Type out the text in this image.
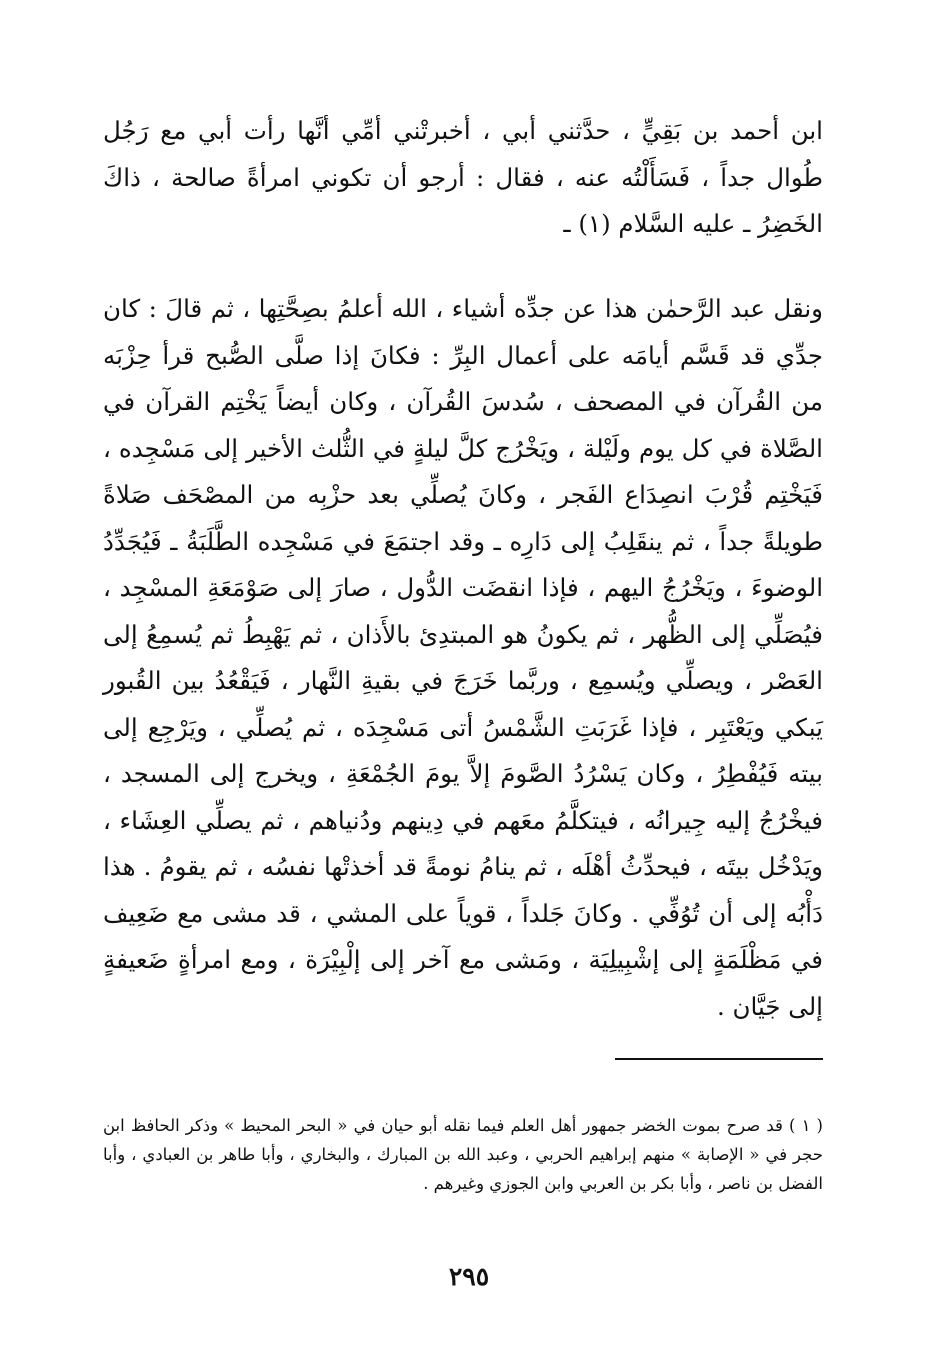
ابن أحمد بن بَقِيٍّ ، حدَّثني أبي ، أخبرتْني أمِّي أنَّها رأت أبي مع رَجُل طُوال جداً ، فَسَأَلْتُه عنه ، فقال : أرجو أن تكوني امرأةً صالحة ، ذاكَ الخَضِرُ ـ عليه السَّلام (١) ـ

ونقل عبد الرَّحمٰن هذا عن جدِّه أشياء ، الله أعلمُ بصِحَّتِها ، ثم قالَ : كان جدِّي قد قَسَّم أيامَه على أعمال البِرِّ : فكانَ إذا صلَّى الصُّبح قرأ حِزْبَه من القُرآن في المصحف ، سُدسَ القُرآن ، وكان أيضاً يَخْتِم القرآن في الصَّلاة في كل يوم ولَيْلة ، ويَخْرُج كلَّ ليلةٍ في الثُّلث الأخير إلى مَسْجِده ، فَيَخْتِم قُرْبَ انصِدَاع الفَجر ، وكانَ يُصلِّي بعد حزْبِه من المصْحَف صَلاةً طويلةً جداً ، ثم ينقَلِبُ إلى دَارِه ـ وقد اجتمَعَ في مَسْجِده الطَّلَبَةُ ـ فَيُجَدِّدُ الوضوءَ ، ويَخْرُجُ اليهم ، فإذا انقضَت الدُّول ، صارَ إلى صَوْمَعَةِ المسْجِد ، فيُصَلِّي إلى الظُّهر ، ثم يكونُ هو المبتدِئ بالأَذان ، ثم يَهْبِطُ ثم يُسمِعُ إلى العَصْر ، ويصلِّي ويُسمِع ، وربَّما خَرَجَ في بقيةِ النَّهار ، فَيَقْعُدُ بين القُبور يَبكي ويَعْتَبِر ، فإذا غَرَبَتِ الشَّمْسُ أتى مَسْجِدَه ، ثم يُصلِّي ، ويَرْجِع إلى بيته فَيُفْطِرُ ، وكان يَسْرُدُ الصَّومَ إلاَّ يومَ الجُمْعَةِ ، ويخرج إلى المسجد ، فيخْرُجُ إليه جِيرانُه ، فيتكلَّمُ معَهم في دِينهم ودُنياهم ، ثم يصلِّي العِشَاء ، ويَدْخُل بيتَه ، فيحدِّثُ أهْلَه ، ثم ينامُ نومةً قد أخذتْها نفسُه ، ثم يقومُ . هذا دَأْبُه إلى أن تُوُفِّي . وكانَ جَلداً ، قوياً على المشي ، قد مشى مع ضَعِيف في مَظْلَمَةٍ إلى إشْبِيلِيَة ، ومَشى مع آخر إلى إلْبِيْرَة ، ومع امرأةٍ ضَعيفةٍ إلى جَيَّان .

( ١ ) قد صرح بموت الخضر جمهور أهل العلم فيما نقله أبو حيان في « البحر المحيط » وذكر الحافظ ابن حجر في « الإصابة » منهم إبراهيم الحربي ، وعبد الله بن المبارك ، والبخاري ، وأبا طاهر بن العبادي ، وأبا الفضل بن ناصر ، وأبا بكر بن العربي وابن الجوزي وغيرهم .

٢٩٥
